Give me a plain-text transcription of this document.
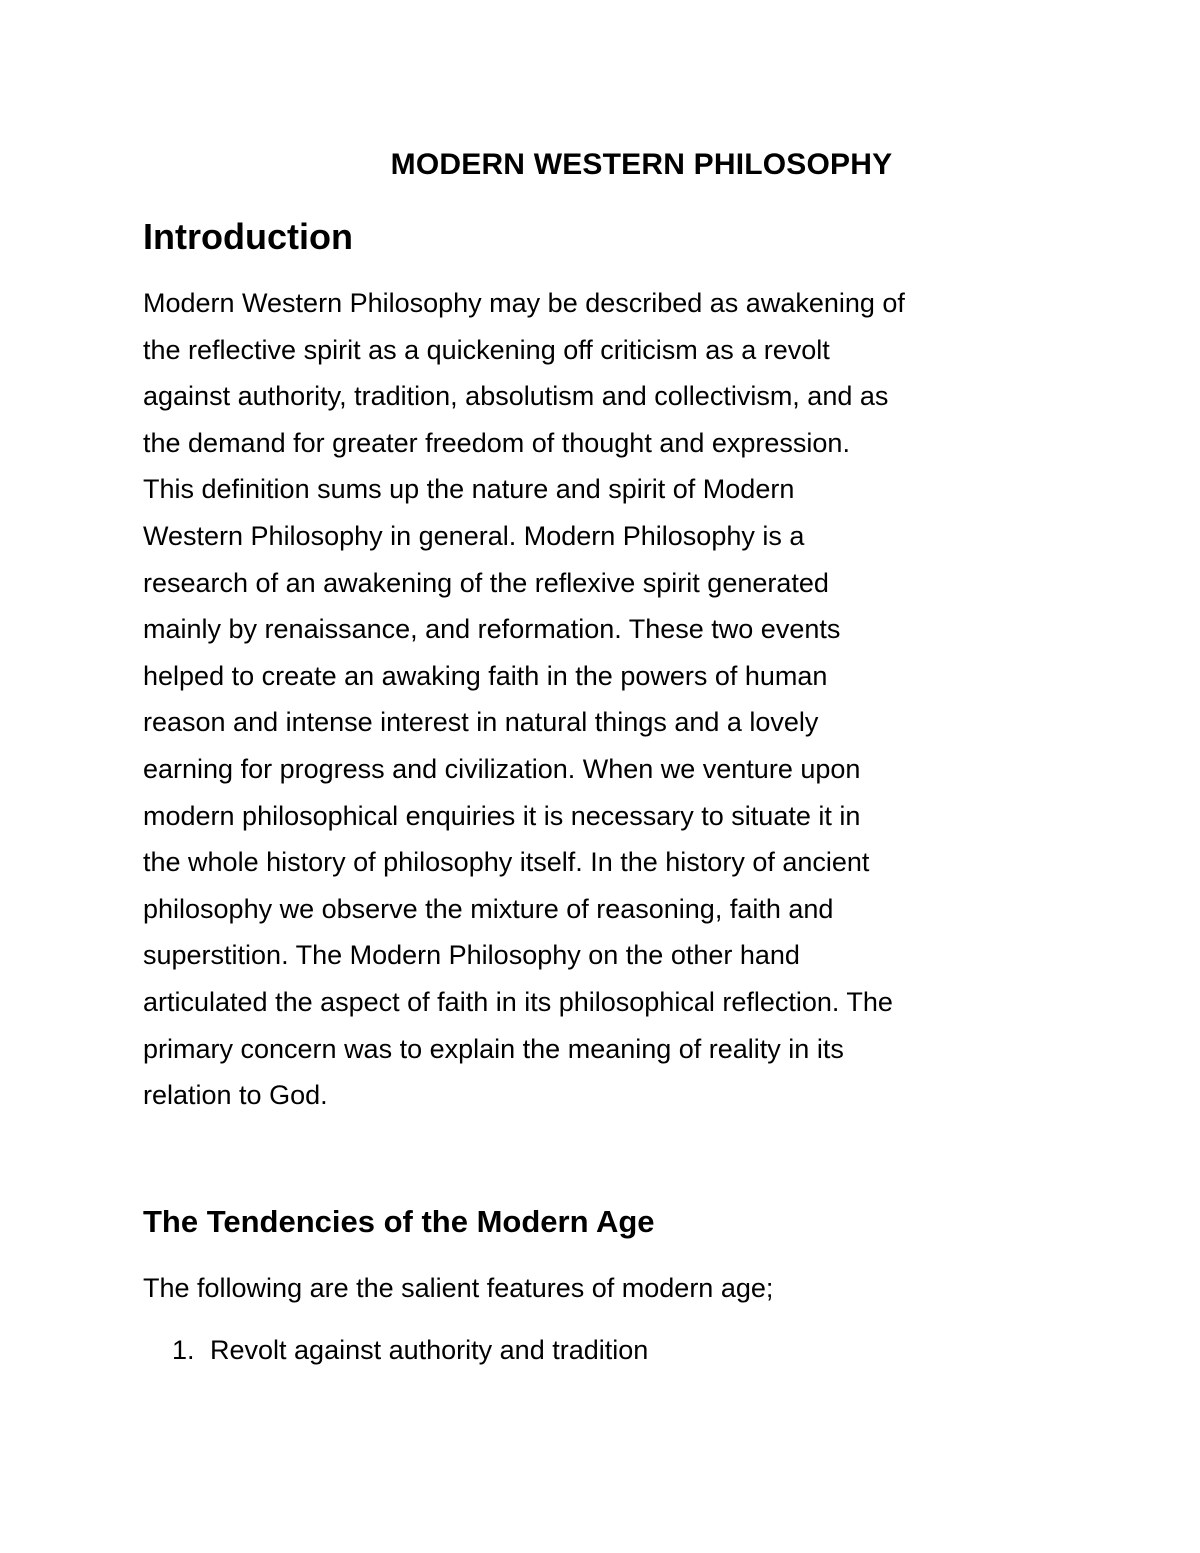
MODERN WESTERN PHILOSOPHY
Introduction

Modern Western Philosophy may be described as awakening of
the reflective spirit as a quickening off criticism as a revolt
against authority, tradition, absolutism and collectivism, and as
the demand for greater freedom of thought and expression.
This definition sums up the nature and spirit of Modern
Western Philosophy in general. Modern Philosophy is a
research of an awakening of the reflexive spirit generated
mainly by renaissance, and reformation. These two events
helped to create an awaking faith in the powers of human
reason and intense interest in natural things and a lovely
earning for progress and civilization. When we venture upon
modern philosophical enquiries it is necessary to situate it in
the whole history of philosophy itself. In the history of ancient
philosophy we observe the mixture of reasoning, faith and
superstition. The Modern Philosophy on the other hand
articulated the aspect of faith in its philosophical reflection. The
primary concern was to explain the meaning of reality in its
relation to God.

The Tendencies of the Modern Age

The following are the salient features of modern age;

1. Revolt against authority and tradition
